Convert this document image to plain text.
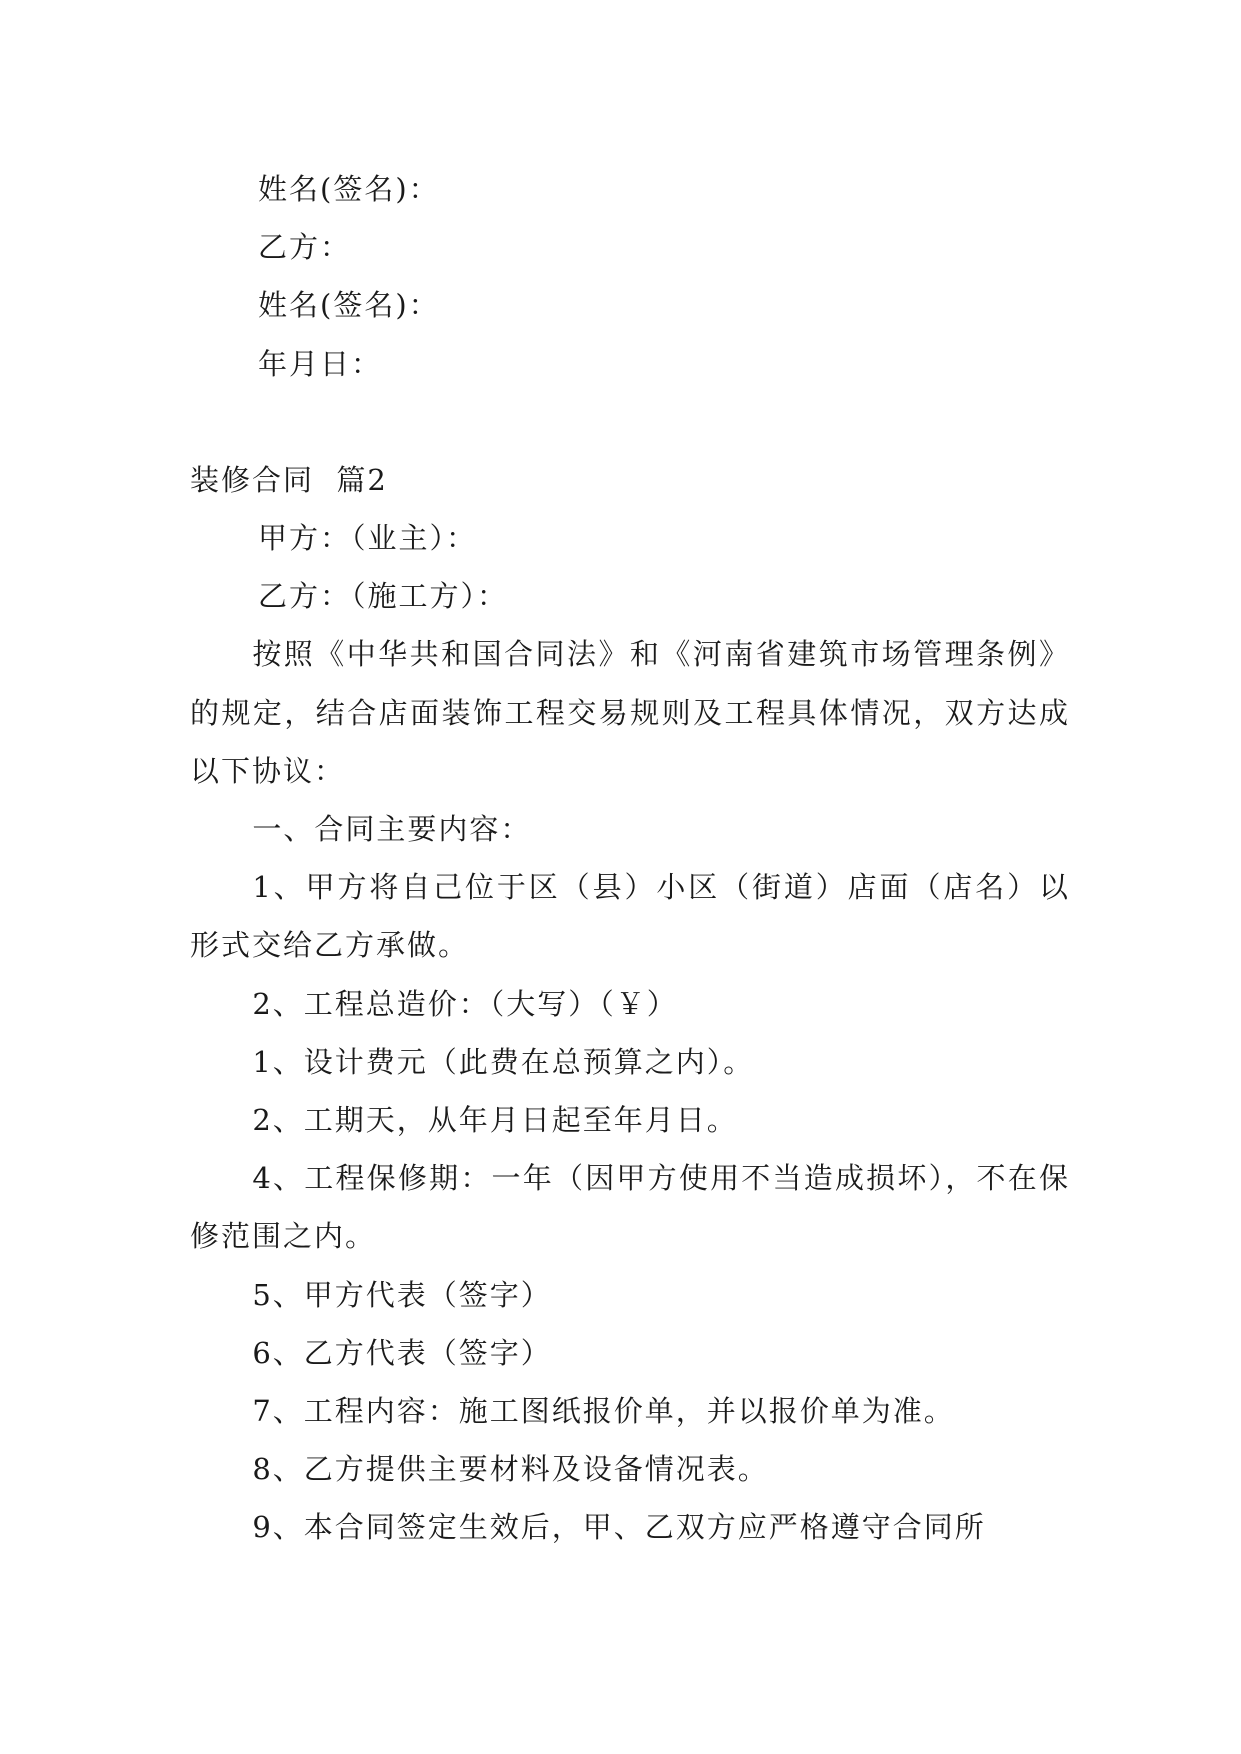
姓名(签名)：
乙方：
姓名(签名)：
年月日：
装修合同  篇2
甲方：（业主）：
乙方：（施工方）：

按照《中华共和国合同法》和《河南省建筑市场管理条例》的规定，结合店面装饰工程交易规则及工程具体情况，双方达成以下协议：

一、合同主要内容：

1、甲方将自己位于区（县）小区（街道）店面（店名）以形式交给乙方承做。

2、工程总造价：（大写）（￥）

1、设计费元（此费在总预算之内）。

2、工期天，从年月日起至年月日。

4、工程保修期：一年（因甲方使用不当造成损坏），不在保修范围之内。

5、甲方代表（签字）

6、乙方代表（签字）

7、工程内容：施工图纸报价单，并以报价单为准。

8、乙方提供主要材料及设备情况表。

9、本合同签定生效后，甲、乙双方应严格遵守合同所
